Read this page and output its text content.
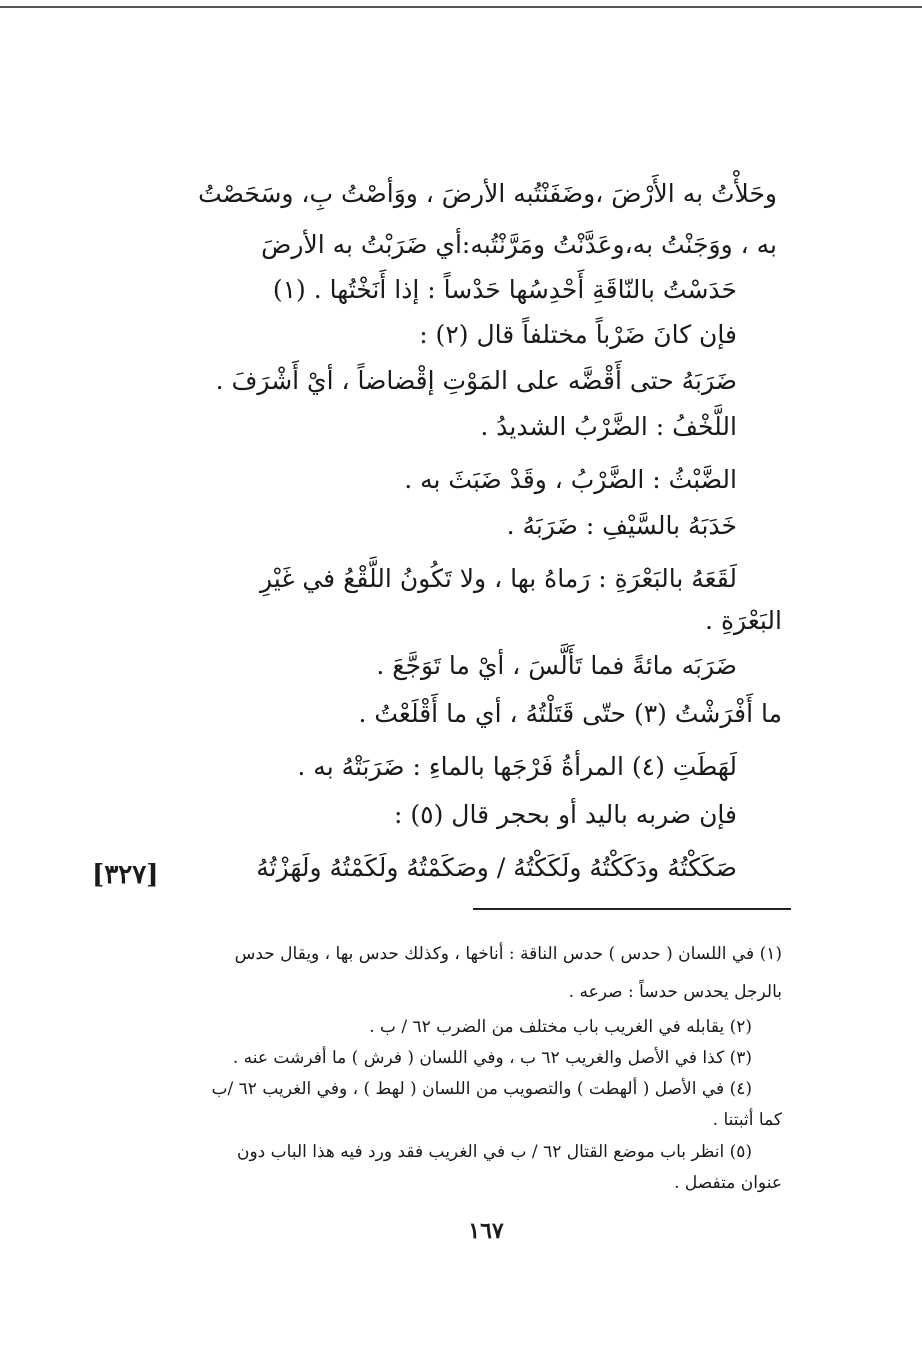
وحَلأْتُ به الأَرْضَ ،وضَفَنْتُبه الأرضَ ، ووَأصْتُ بِ، وسَحَصْتُ
به ، ووَجَنْتُ به،وعَدَّنْتُ ومَرَّنْتُبه:أي ضَرَبْتُ به الأرضَ
حَدَسْتُ بالنّاقَةِ أَحْدِسُها حَدْساً : إذا أَنَخْتُها . (١)
فإن كانَ ضَرْباً مختلفاً قال (٢) :
ضَرَبَهُ حتى أَقْضَّه على المَوْتِ إقْضاضاً ، أيْ أَشْرَفَ .
اللَّخْفُ : الضَّرْبُ الشديدُ .
الضَّبْثُ : الضَّرْبُ ، وقَدْ ضَبَثَ به .
خَدَبَهُ بالسَّيْفِ : ضَرَبَهُ .
لَقَعَهُ بالبَعْرَةِ : رَماهُ بها ، ولا تَكُونُ اللَّقْعُ في غَيْرِ
البَعْرَةِ .
ضَرَبَه مائةً فما تَأَلَّسَ ، أيْ ما تَوَجَّعَ .
ما أَفْرَشْتُ (٣) حتّى قَتَلْتُهُ ، أي ما أَقْلَعْتُ .
لَهَطَتِ (٤) المرأةُ فَرْجَها بالماءِ : ضَرَبَتْهُ به .
فإن ضربه باليد أو بحجر قال (٥) :
صَكَكْتُهُ ودَكَكْتُهُ ولَكَكْتُهُ / وصَكَمْتُهُ ولَكَمْتُهُ ولَهَزْتُهُ
[٣٢٧]
(١) في اللسان ( حدس ) حدس الناقة : أناخها ، وكذلك حدس بها ، ويقال حدس
بالرجل يحدس حدساً : صرعه .
(٢) يقابله في الغريب باب مختلف من الضرب ٦٢ / ب .
(٣) كذا في الأصل والغريب ٦٢ ب ، وفي اللسان ( فرش ) ما أفرشت عنه .
(٤) في الأصل ( ألهطت ) والتصويب من اللسان ( لهط ) ، وفي الغريب ٦٢ /ب
كما أثبتنا .
(٥) انظر باب موضع القتال ٦٢ / ب في الغريب فقد ورد فيه هذا الباب دون
عنوان متفصل .
١٦٧
